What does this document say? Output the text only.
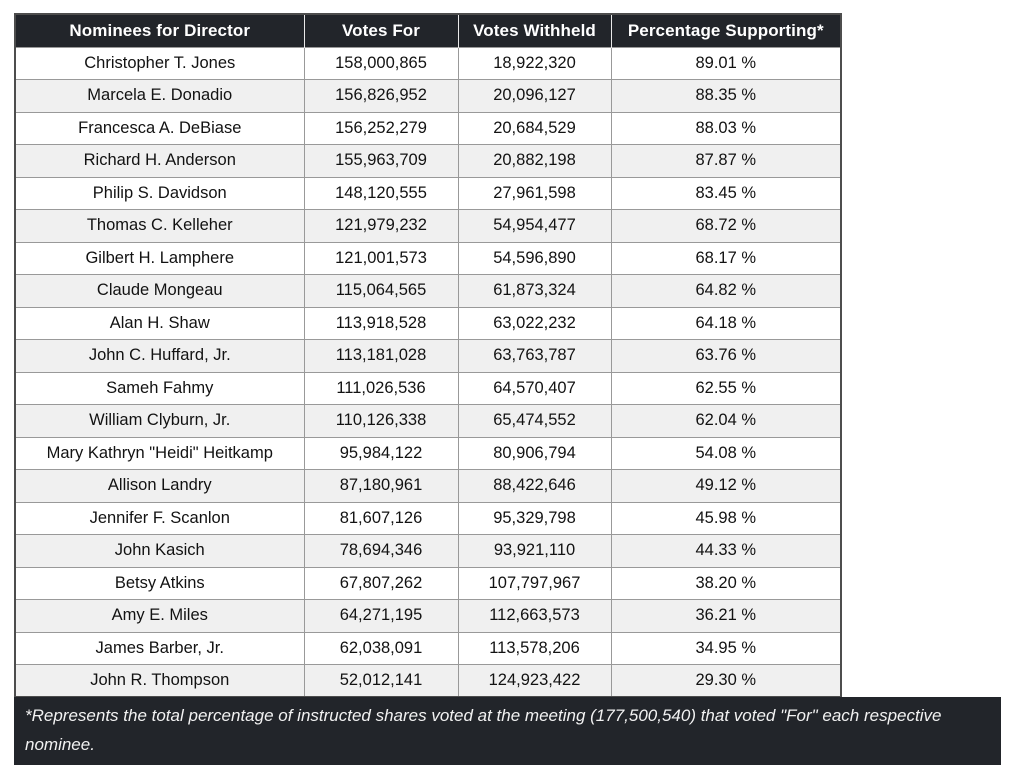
Nominees for Director	Votes For	Votes Withheld	Percentage Supporting*
Christopher T. Jones	158,000,865	18,922,320	89.01 %
Marcela E. Donadio	156,826,952	20,096,127	88.35 %
Francesca A. DeBiase	156,252,279	20,684,529	88.03 %
Richard H. Anderson	155,963,709	20,882,198	87.87 %
Philip S. Davidson	148,120,555	27,961,598	83.45 %
Thomas C. Kelleher	121,979,232	54,954,477	68.72 %
Gilbert H. Lamphere	121,001,573	54,596,890	68.17 %
Claude Mongeau	115,064,565	61,873,324	64.82 %
Alan H. Shaw	113,918,528	63,022,232	64.18 %
John C. Huffard, Jr.	113,181,028	63,763,787	63.76 %
Sameh Fahmy	111,026,536	64,570,407	62.55 %
William Clyburn, Jr.	110,126,338	65,474,552	62.04 %
Mary Kathryn "Heidi" Heitkamp	95,984,122	80,906,794	54.08 %
Allison Landry	87,180,961	88,422,646	49.12 %
Jennifer F. Scanlon	81,607,126	95,329,798	45.98 %
John Kasich	78,694,346	93,921,110	44.33 %
Betsy Atkins	67,807,262	107,797,967	38.20 %
Amy E. Miles	64,271,195	112,663,573	36.21 %
James Barber, Jr.	62,038,091	113,578,206	34.95 %
John R. Thompson	52,012,141	124,923,422	29.30 %
*Represents the total percentage of instructed shares voted at the meeting (177,500,540) that voted "For" each respective nominee.
